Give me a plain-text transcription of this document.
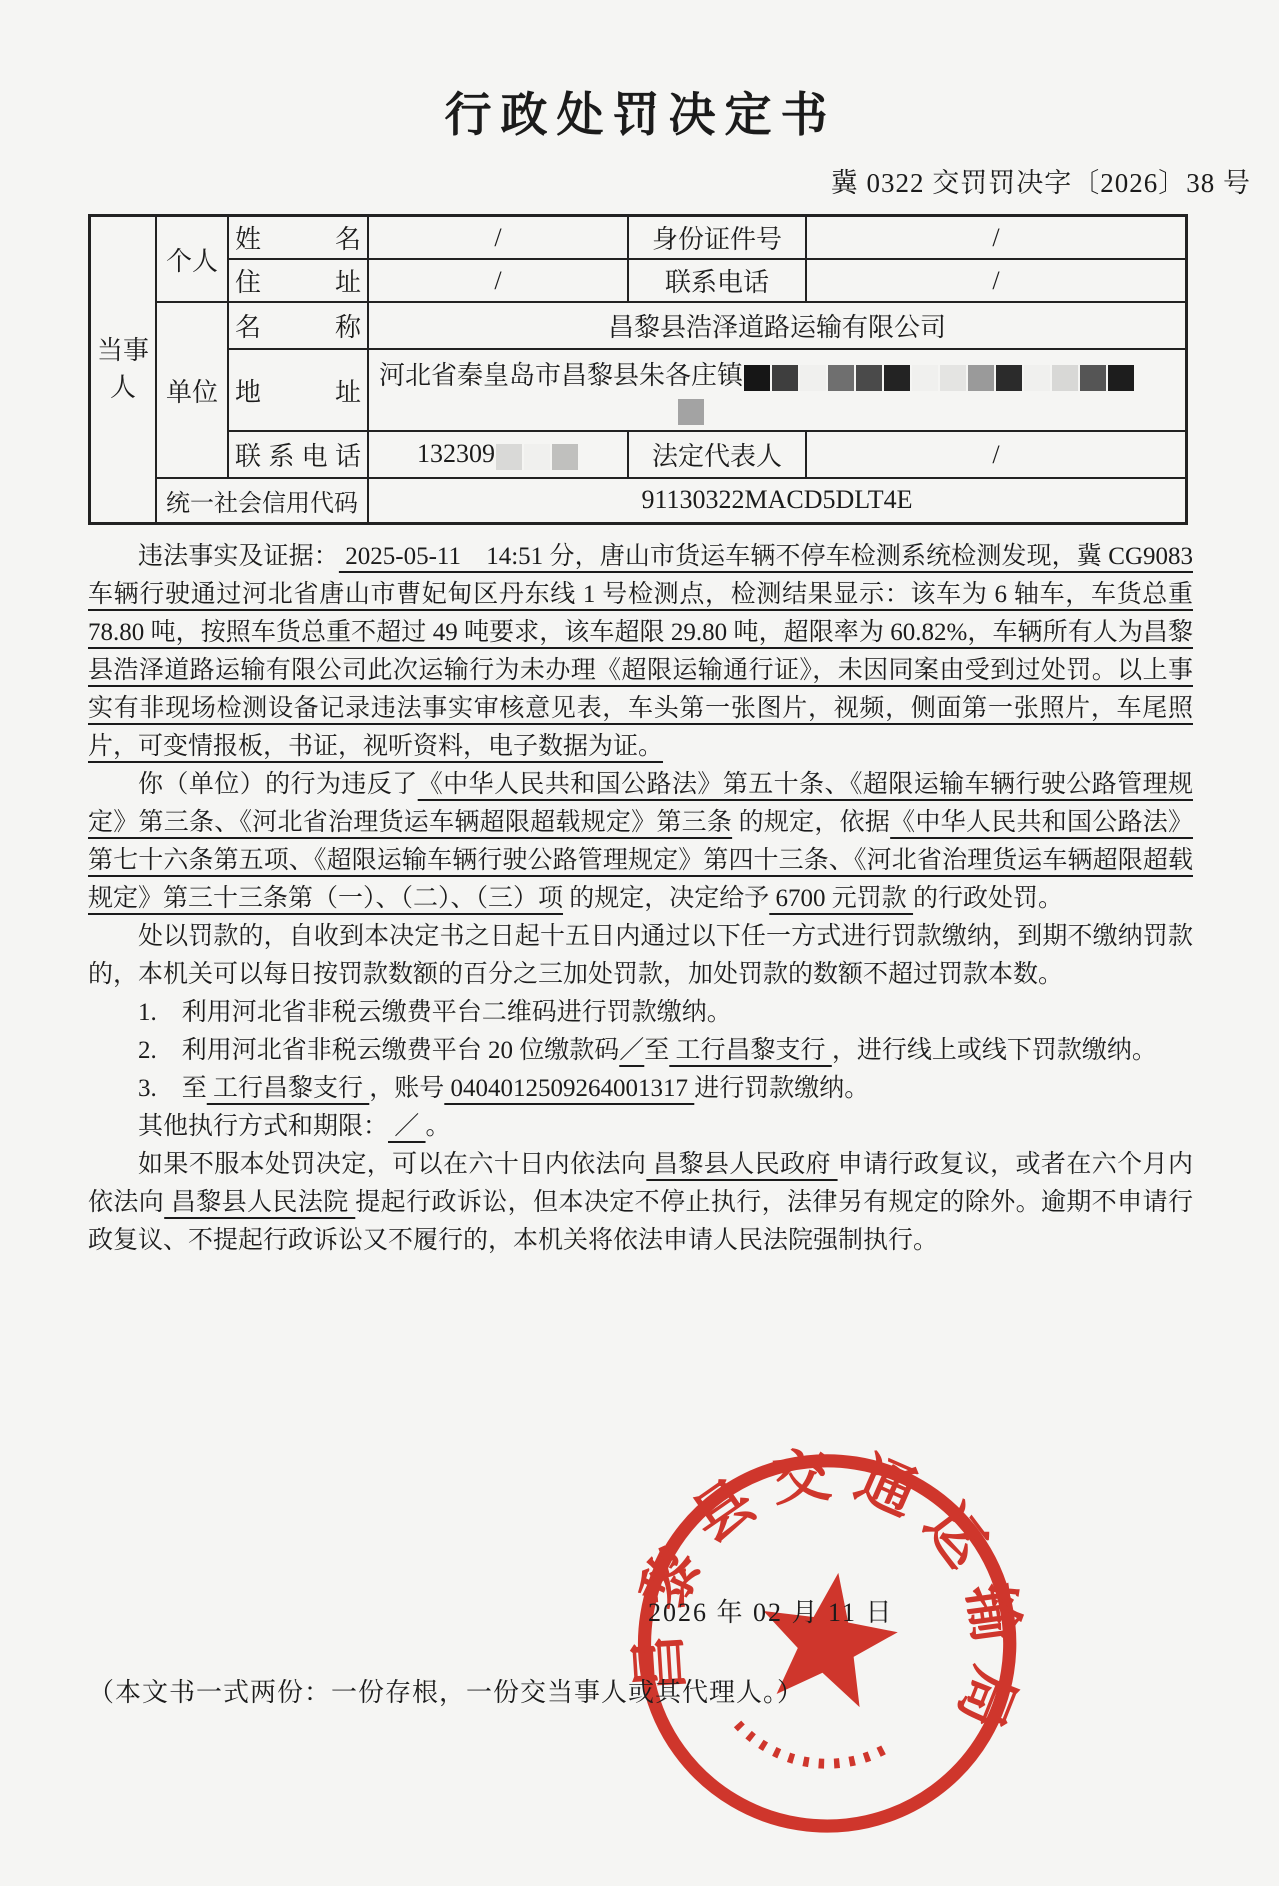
行政处罚决定书
冀 0322 交罚罚决字〔2026〕38 号
当事人	个人	姓名	/	身份证件号	/
		住址	/	联系电话	/
	单位	名称	昌黎县浩泽道路运输有限公司		
		地址	河北省秦皇岛市昌黎县朱各庄镇		

		联系电话	132309	法定代表人	/
	统一社会信用代码		91130322MACD5DLT4E		

违法事实及证据： 2025-05-11　14:51 分，唐山市货运车辆不停车检测系统检测发现，冀 CG9083 车辆行驶通过河北省唐山市曹妃甸区丹东线 1 号检测点，检测结果显示：该车为 6 轴车，车货总重 78.80 吨，按照车货总重不超过 49 吨要求，该车超限 29.80 吨，超限率为 60.82%，车辆所有人为昌黎县浩泽道路运输有限公司此次运输行为未办理《超限运输通行证》，未因同案由受到过处罚。以上事实有非现场检测设备记录违法事实审核意见表，车头第一张图片，视频，侧面第一张照片，车尾照片，可变情报板，书证，视听资料，电子数据为证。

你（单位）的行为违反了《中华人民共和国公路法》第五十条、《超限运输车辆行驶公路管理规定》第三条、《河北省治理货运车辆超限超载规定》第三条 的规定，依据《中华人民共和国公路法》第七十六条第五项、《超限运输车辆行驶公路管理规定》第四十三条、《河北省治理货运车辆超限超载规定》第三十三条第（一）、（二）、（三）项 的规定，决定给予 6700 元罚款 的行政处罚。

处以罚款的，自收到本决定书之日起十五日内通过以下任一方式进行罚款缴纳，到期不缴纳罚款的，本机关可以每日按罚款数额的百分之三加处罚款，加处罚款的数额不超过罚款本数。

1.　利用河北省非税云缴费平台二维码进行罚款缴纳。

2.　利用河北省非税云缴费平台 20 位缴款码／至 工行昌黎支行 ，进行线上或线下罚款缴纳。

3.　至 工行昌黎支行 ，账号 0404012509264001317 进行罚款缴纳。

其他执行方式和期限： ／ 。

如果不服本处罚决定，可以在六十日内依法向 昌黎县人民政府 申请行政复议，或者在六个月内依法向 昌黎县人民法院 提起行政诉讼，但本决定不停止执行，法律另有规定的除外。逾期不申请行政复议、不提起行政诉讼又不履行的，本机关将依法申请人民法院强制执行。

昌黎县交通运输局
2026 年 02 月 11 日
（本文书一式两份：一份存根，一份交当事人或其代理人。）
